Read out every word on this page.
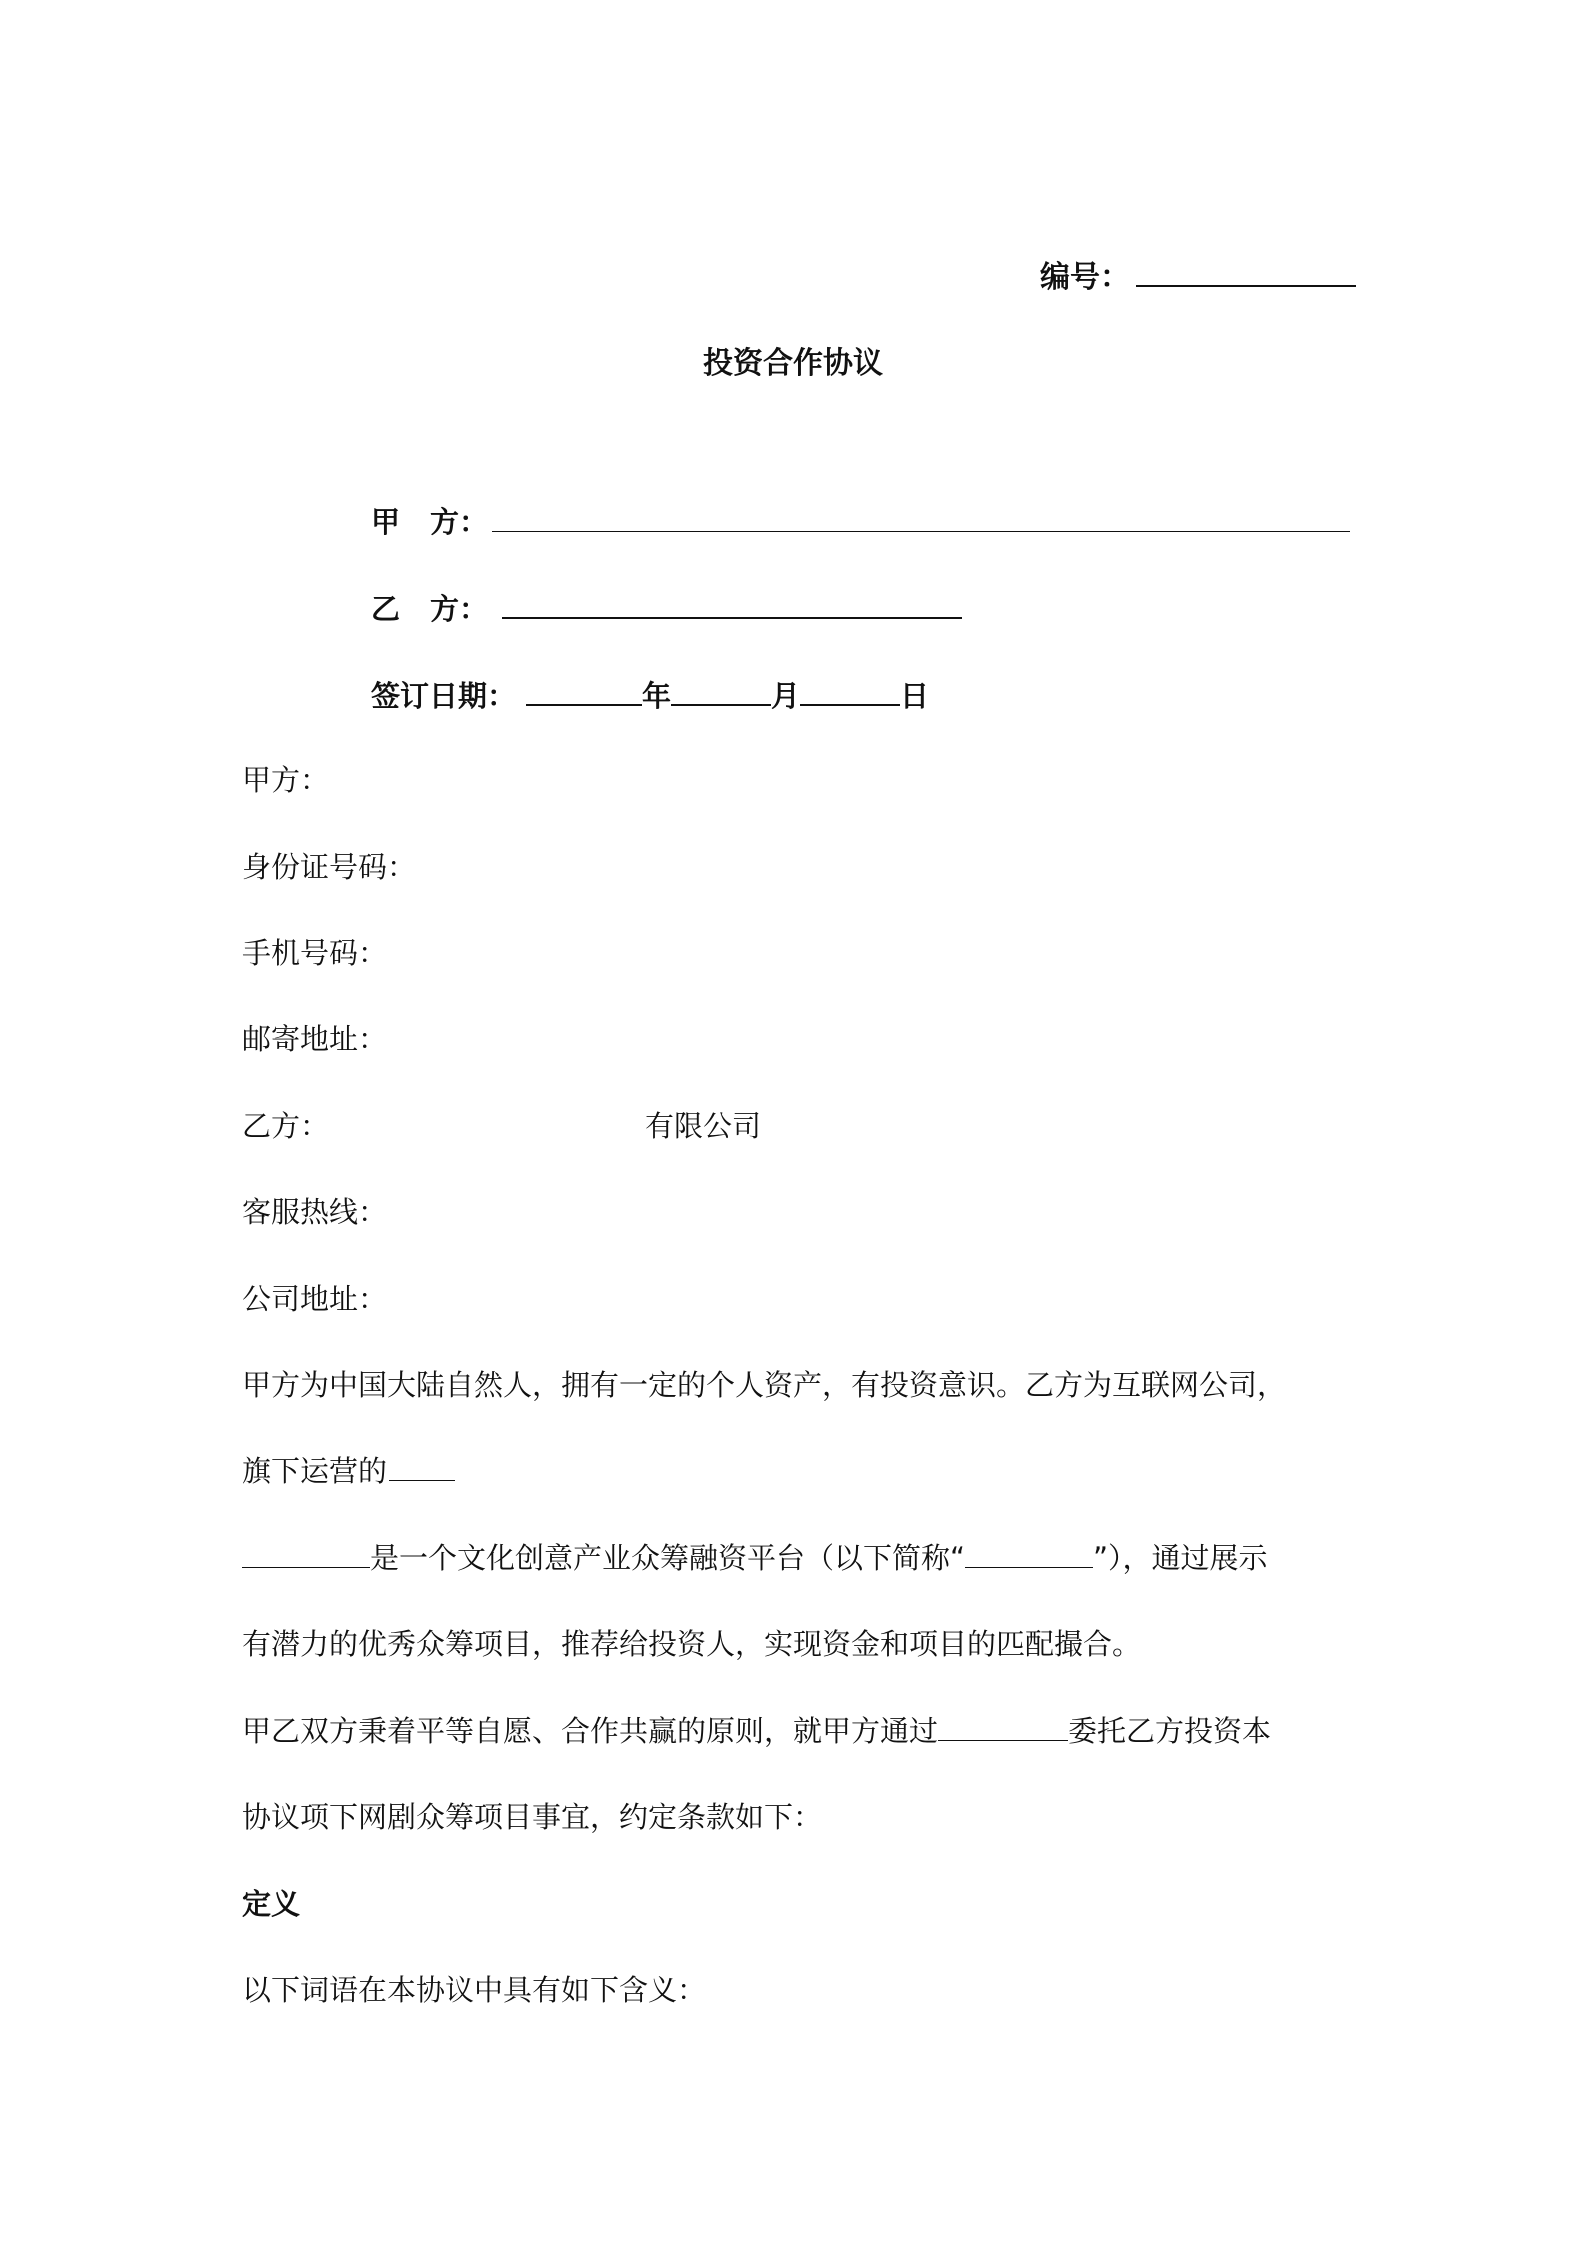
编号：
投资合作协议
甲 方：
乙 方：
签订日期：	年	月	日
甲方：
身份证号码：
手机号码：
邮寄地址：
乙方：	有限公司
客服热线：
公司地址：
甲方为中国大陆自然人，拥有一定的个人资产，有投资意识。乙方为互联网公司，
旗下运营的
是一个文化创意产业众筹融资平台（以下简称“	”），通过展示
有潜力的优秀众筹项目，推荐给投资人，实现资金和项目的匹配撮合。
甲乙双方秉着平等自愿、合作共赢的原则，就甲方通过	委托乙方投资本
协议项下网剧众筹项目事宜，约定条款如下：
定义
以下词语在本协议中具有如下含义：
